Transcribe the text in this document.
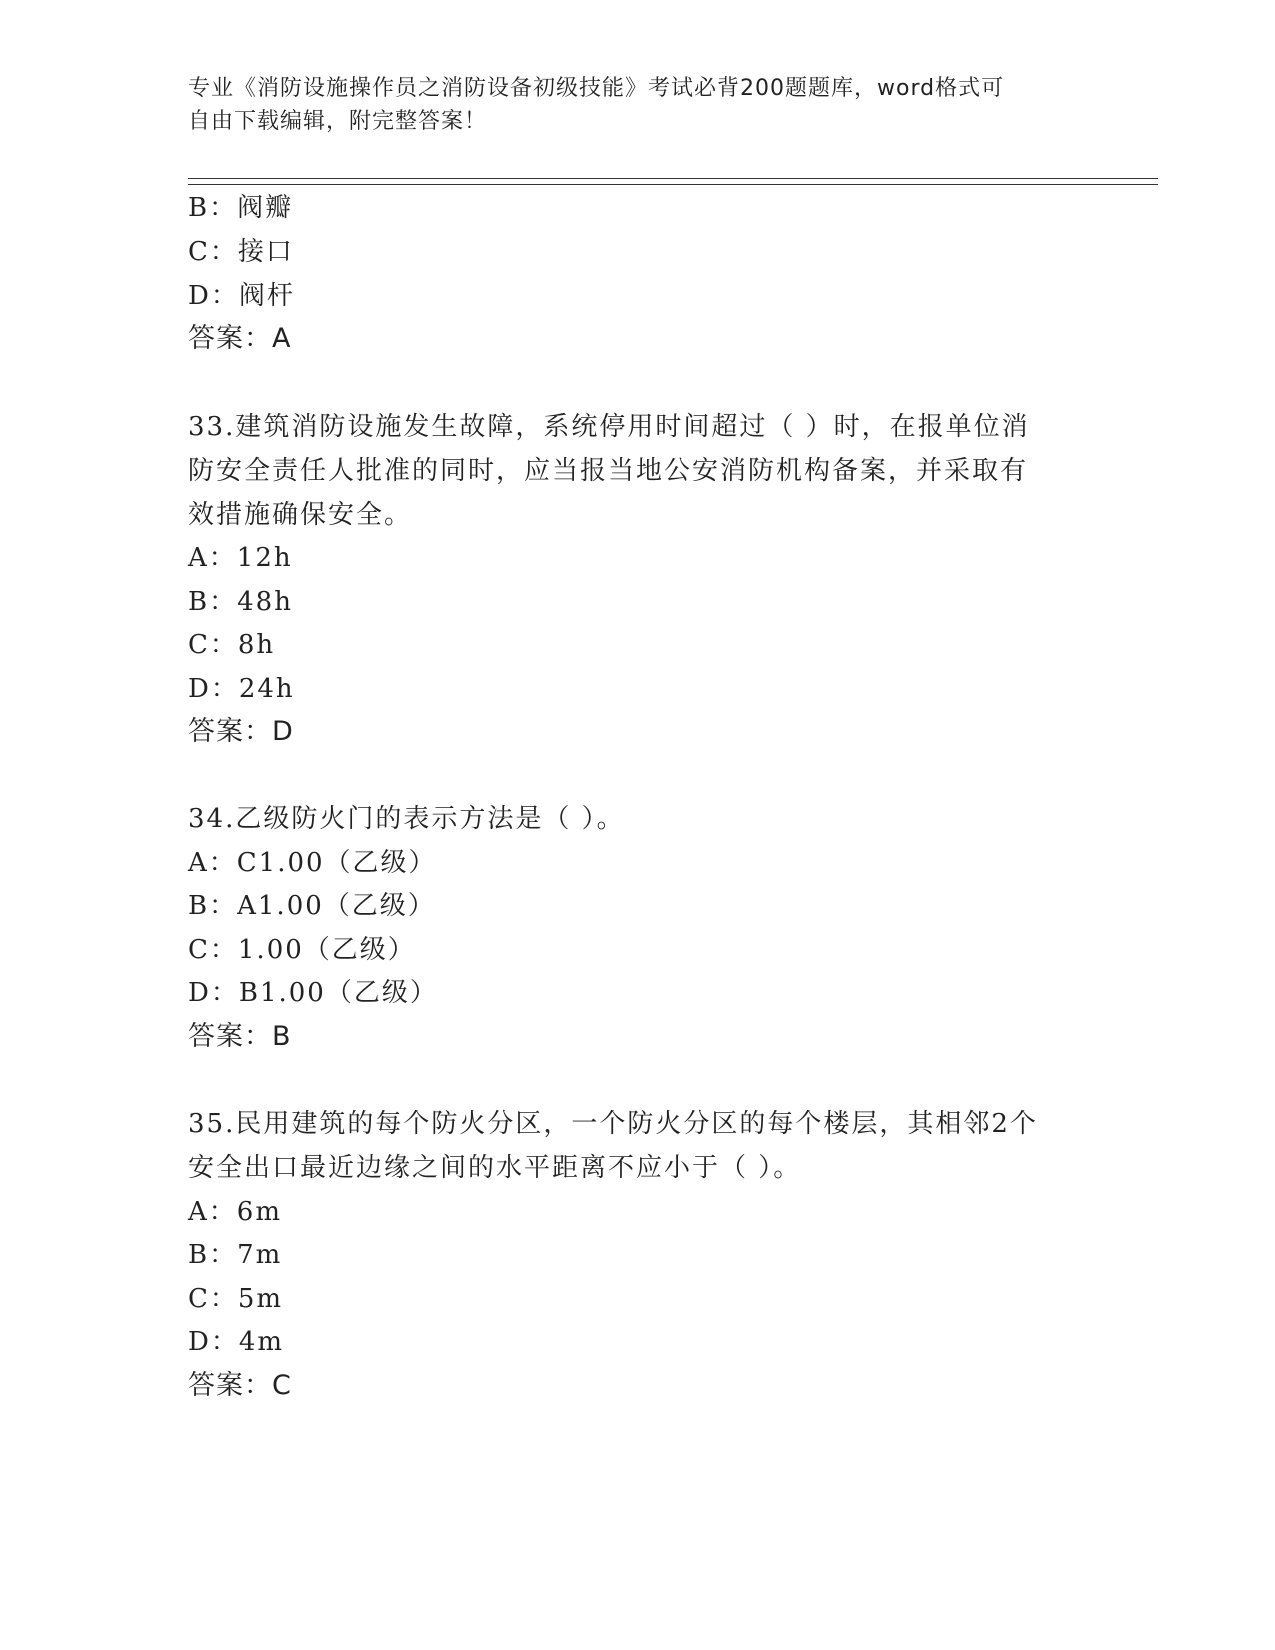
专业《消防设施操作员之消防设备初级技能》考试必背200题题库，word格式可
自由下载编辑，附完整答案！
B：阀瓣
C：接口
D：阀杆
答案：A
33.建筑消防设施发生故障，系统停用时间超过（ ）时，在报单位消
防安全责任人批准的同时，应当报当地公安消防机构备案，并采取有
效措施确保安全。
A：12h
B：48h
C：8h
D：24h
答案：D
34.乙级防火门的表示方法是（ ）。
A：C1.00（乙级）
B：A1.00（乙级）
C：1.00（乙级）
D：B1.00（乙级）
答案：B
35.民用建筑的每个防火分区，一个防火分区的每个楼层，其相邻2个
安全出口最近边缘之间的水平距离不应小于（ ）。
A：6m
B：7m
C：5m
D：4m
答案：C
